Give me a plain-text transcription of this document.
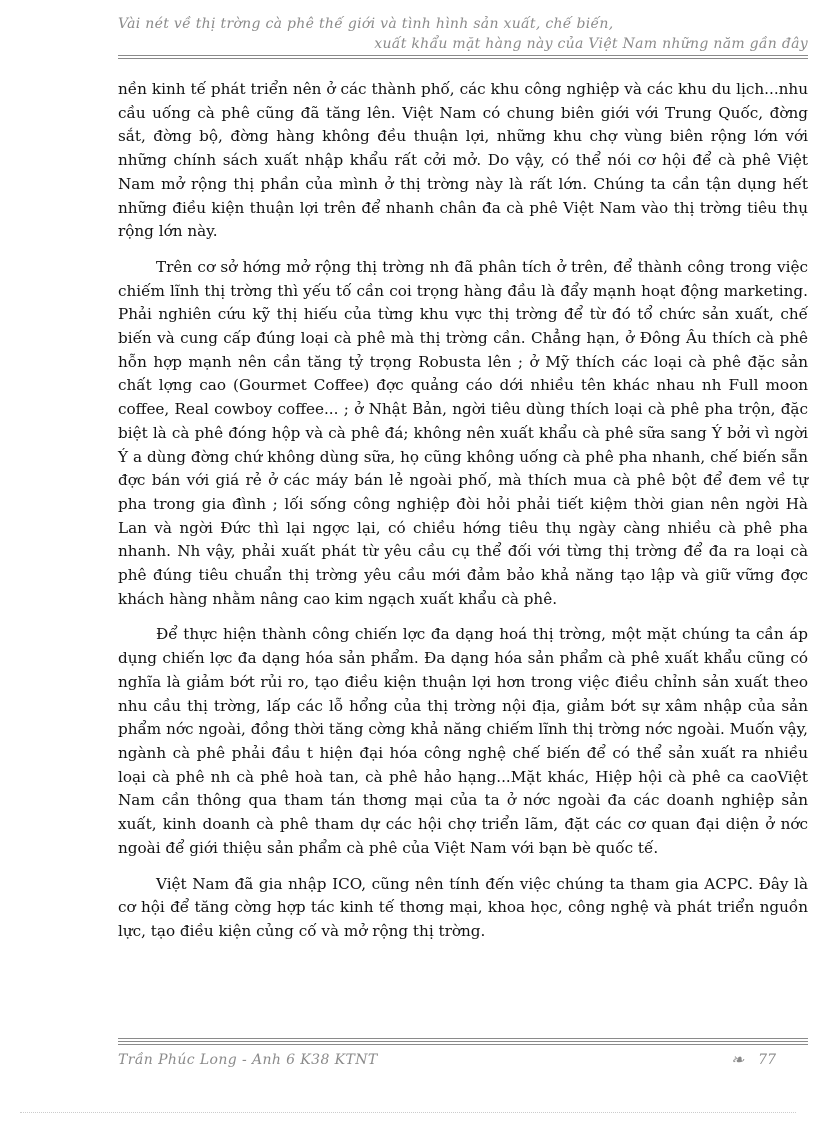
Vài nét về thị trờng cà phê thế giới và tình hình sản xuất, chế biến,
xuất khẩu mặt hàng này của Việt Nam những năm gần đây

nền kinh tế phát triển nên ở các thành phố, các khu công nghiệp và các khu du lịch...nhu cầu uống cà phê cũng đã tăng lên. Việt Nam có chung biên giới với Trung Quốc, đờng sắt, đờng bộ, đờng hàng không đều thuận lợi, những khu chợ vùng biên rộng lớn với những chính sách xuất nhập khẩu rất cởi mở. Do vậy, có thể nói cơ hội để cà phê Việt Nam mở rộng thị phần của mình ở thị trờng này là rất lớn. Chúng ta cần tận dụng hết những điều kiện thuận lợi trên để nhanh chân đa cà phê Việt Nam vào thị trờng tiêu thụ rộng lớn này.

Trên cơ sở hớng mở rộng thị trờng nh đã phân tích ở trên, để thành công trong việc chiếm lĩnh thị trờng thì yếu tố cần coi trọng hàng đầu là đẩy mạnh hoạt động marketing. Phải nghiên cứu kỹ thị hiếu của từng khu vực thị trờng để từ đó tổ chức sản xuất, chế biến và cung cấp đúng loại cà phê mà thị trờng cần. Chẳng hạn, ở Đông Âu thích cà phê hỗn hợp mạnh nên cần tăng tỷ trọng Robusta lên ; ở Mỹ thích các loại cà phê đặc sản chất lợng cao (Gourmet Coffee) đợc quảng cáo dới nhiều tên khác nhau nh Full moon coffee, Real cowboy coffee... ; ở Nhật Bản, ngời tiêu dùng thích loại cà phê pha trộn, đặc biệt là cà phê đóng hộp và cà phê đá; không nên xuất khẩu cà phê sữa sang Ý bởi vì ngời Ý a dùng đờng chứ không dùng sữa, họ cũng không uống cà phê pha nhanh, chế biến sẵn đợc bán với giá rẻ ở các máy bán lẻ ngoài phố, mà thích mua cà phê bột để đem về tự pha trong gia đình ; lối sống công nghiệp đòi hỏi phải tiết kiệm thời gian nên ngời Hà Lan và ngời Đức thì lại ngợc lại, có chiều hớng tiêu thụ ngày càng nhiều cà phê pha nhanh. Nh vậy, phải xuất phát từ yêu cầu cụ thể đối với từng thị trờng để đa ra loại cà phê đúng tiêu chuẩn thị trờng yêu cầu mới đảm bảo khả năng tạo lập và giữ vững đợc khách hàng nhằm nâng cao kim ngạch xuất khẩu cà phê.

Để thực hiện thành công chiến lợc đa dạng hoá thị trờng, một mặt chúng ta cần áp dụng chiến lợc đa dạng hóa sản phẩm. Đa dạng hóa sản phẩm cà phê xuất khẩu cũng có nghĩa là giảm bớt rủi ro, tạo điều kiện thuận lợi hơn trong việc điều chỉnh sản xuất theo nhu cầu thị trờng, lấp các lỗ hổng của thị trờng nội địa, giảm bớt sự xâm nhập của sản phẩm nớc ngoài, đồng thời tăng cờng khả năng chiếm lĩnh thị trờng nớc ngoài. Muốn vậy, ngành cà phê phải đầu t hiện đại hóa công nghệ chế biến để có thể sản xuất ra nhiều loại cà phê nh cà phê hoà tan, cà phê hảo hạng...Mặt khác, Hiệp hội cà phê ca caoViệt Nam cần thông qua tham tán thơng mại của ta ở nớc ngoài đa các doanh nghiệp sản xuất, kinh doanh cà phê tham dự các hội chợ triển lãm, đặt các cơ quan đại diện ở nớc ngoài để giới thiệu sản phẩm cà phê của Việt Nam với bạn bè quốc tế.

Việt Nam đã gia nhập ICO, cũng nên tính đến việc chúng ta tham gia ACPC. Đây là cơ hội để tăng cờng hợp tác kinh tế thơng mại, khoa học, công nghệ và phát triển nguồn lực, tạo điều kiện củng cố và mở rộng thị trờng.

Trần Phúc Long - Anh 6 K38 KTNT	❧ 77
